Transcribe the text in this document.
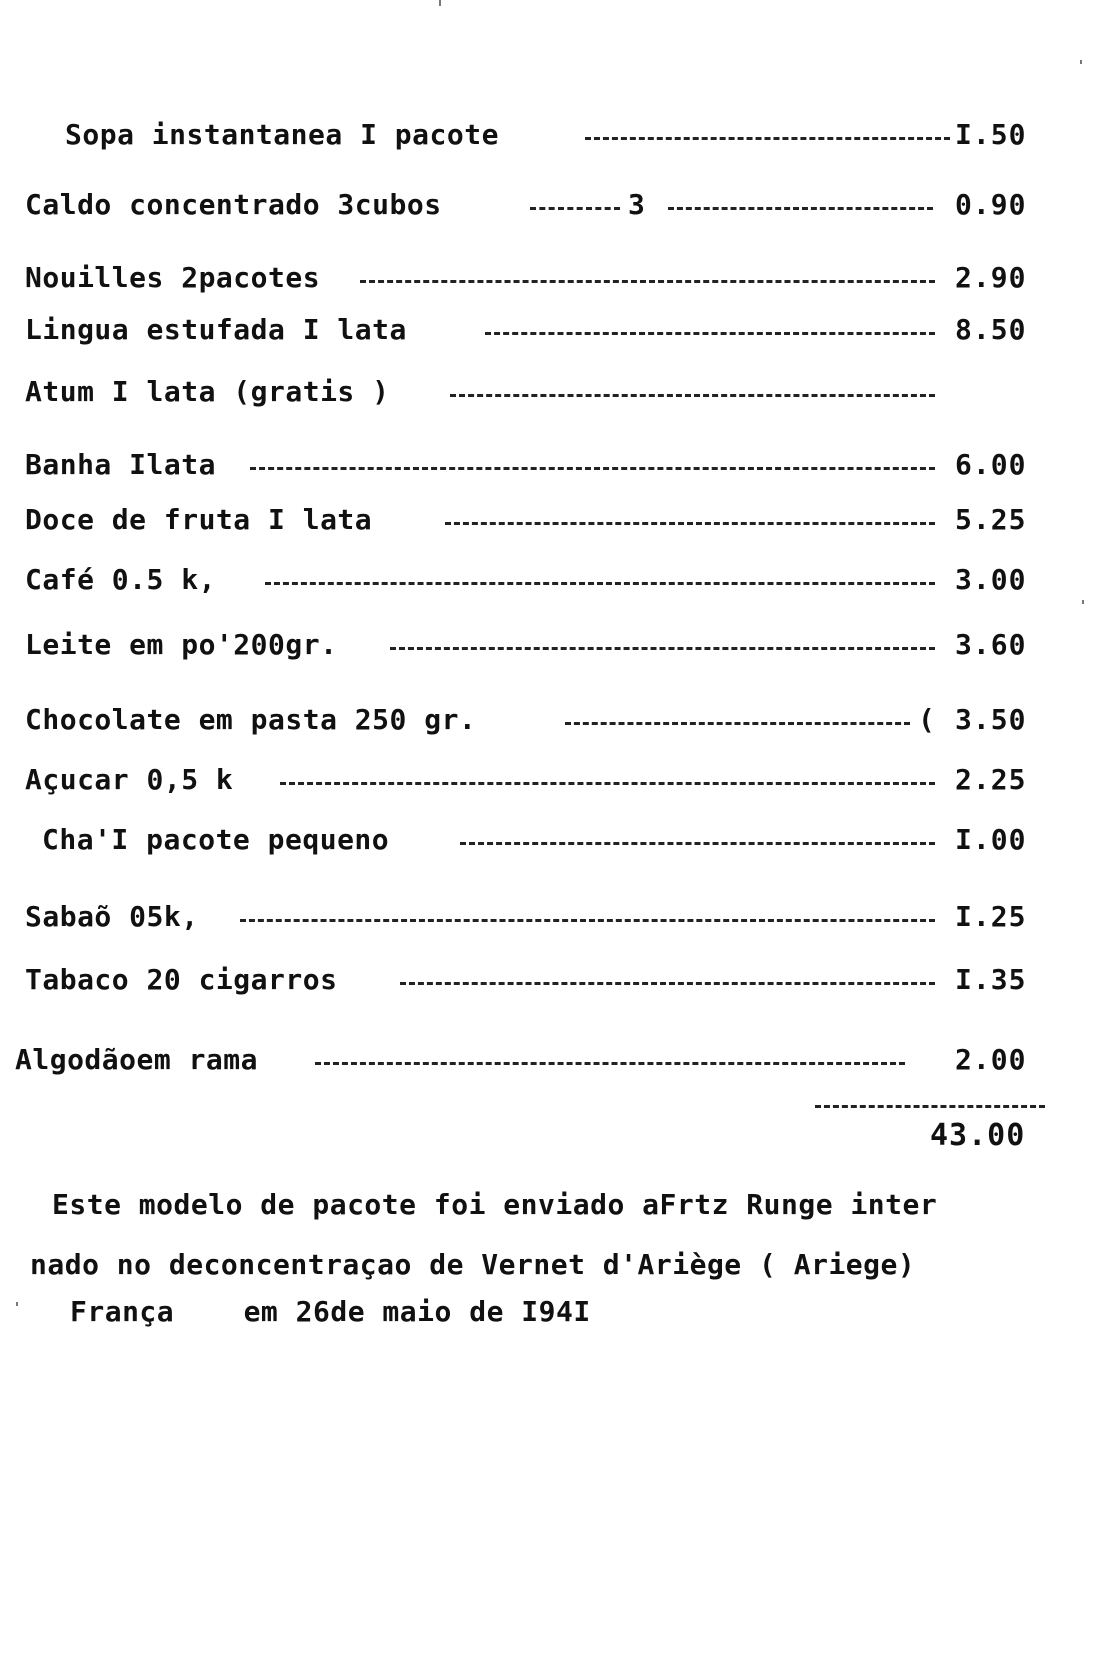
Sopa instantanea I pacote	I.50
Caldo concentrado 3cubos	3	0.90
Nouilles 2pacotes	2.90
Lingua estufada I lata	8.50
Atum I lata (gratis )
Banha Ilata	6.00
Doce de fruta I lata	5.25
Café 0.5 k,	3.00
Leite em po'200gr.	3.60
Chocolate em pasta 250 gr.	( 3.50
Açucar 0,5 k	2.25
Cha'I pacote pequeno	I.00
Sabaõ 05k,	I.25
Tabaco 20 cigarros	I.35
Algodãoem rama	2.00
43.00
Este modelo de pacote foi enviado aFrtz Runge inter
nado no deconcentraçao de Vernet d'Ariège ( Ariege)
França    em 26de maio de I94I
